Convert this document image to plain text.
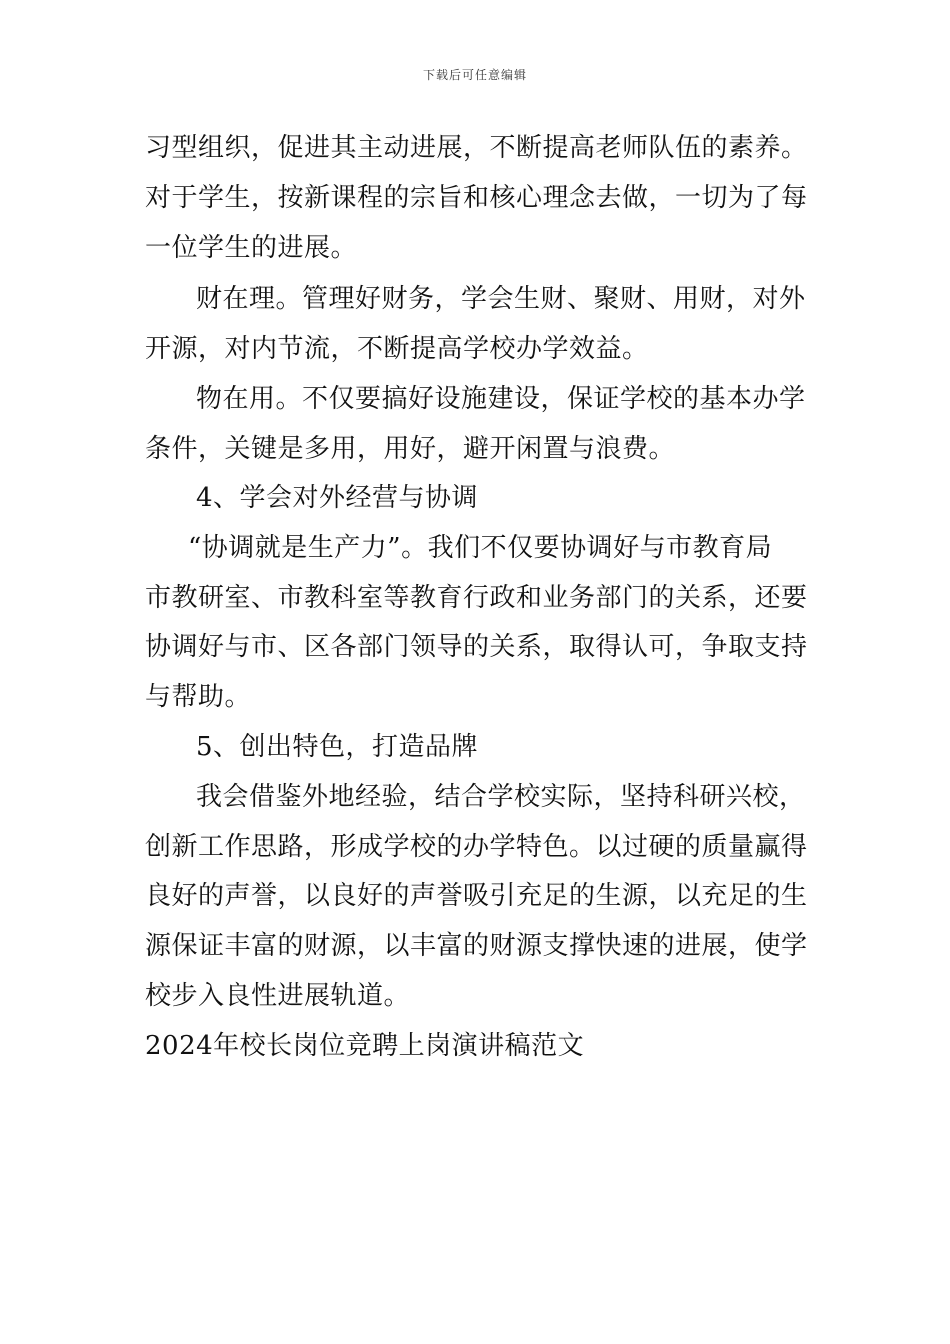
下载后可任意编辑
习型组织，促进其主动进展，不断提高老师队伍的素养。
对于学生，按新课程的宗旨和核心理念去做，一切为了每
一位学生的进展。
财在理。管理好财务，学会生财、聚财、用财，对外
开源，对内节流，不断提高学校办学效益。
物在用。不仅要搞好设施建设，保证学校的基本办学
条件，关键是多用，用好，避开闲置与浪费。
4、学会对外经营与协调
“协调就是生产力”。我们不仅要协调好与市教育局
市教研室、市教科室等教育行政和业务部门的关系，还要
协调好与市、区各部门领导的关系，取得认可，争取支持
与帮助。
5、创出特色，打造品牌
我会借鉴外地经验，结合学校实际，坚持科研兴校，
创新工作思路，形成学校的办学特色。以过硬的质量赢得
良好的声誉，以良好的声誉吸引充足的生源，以充足的生
源保证丰富的财源，以丰富的财源支撑快速的进展，使学
校步入良性进展轨道。
2024年校长岗位竞聘上岗演讲稿范文
